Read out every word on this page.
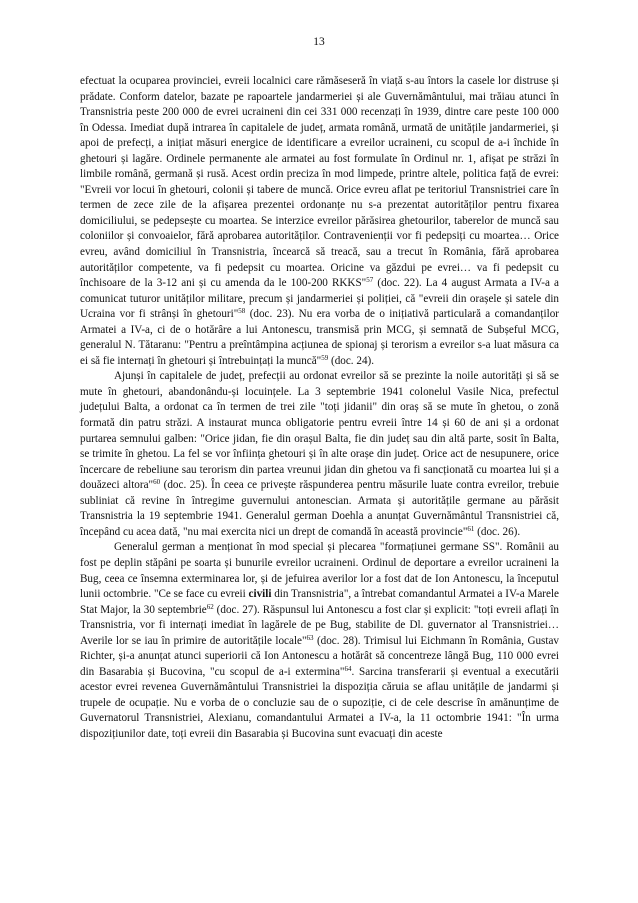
13

efectuat la ocuparea provinciei, evreii localnici care rămăseseră în viață s-au întors la casele lor distruse și prădate. Conform datelor, bazate pe rapoartele jandarmeriei și ale Guvernământului, mai trăiau atunci în Transnistria peste 200 000 de evrei ucraineni din cei 331 000 recenzați în 1939, dintre care peste 100 000 în Odessa. Imediat după intrarea în capitalele de județ, armata română, urmată de unitățile jandarmeriei, și apoi de prefecți, a inițiat măsuri energice de identificare a evreilor ucraineni, cu scopul de a-i închide în ghetouri și lagăre. Ordinele permanente ale armatei au fost formulate în Ordinul nr. 1, afișat pe străzi în limbile română, germană și rusă. Acest ordin preciza în mod limpede, printre altele, politica față de evrei: "Evreii vor locui în ghetouri, colonii și tabere de muncă. Orice evreu aflat pe teritoriul Transnistriei care în termen de zece zile de la afișarea prezentei ordonanțe nu s-a prezentat autorităților pentru fixarea domiciliului, se pedepsește cu moartea. Se interzice evreilor părăsirea ghetourilor, taberelor de muncă sau coloniilor și convoaielor, fără aprobarea autorităților. Contravenienții vor fi pedepsiți cu moartea… Orice evreu, având domiciliul în Transnistria, încearcă să treacă, sau a trecut în România, fără aprobarea autorităților competente, va fi pedepsit cu moartea. Oricine va găzdui pe evrei… va fi pedepsit cu închisoare de la 3-12 ani și cu amenda da le 100-200 RKKS"$^{57}$ (doc. 22). La 4 august Armata a IV-a a comunicat tuturor unităților militare, precum și jandarmeriei și poliției, că "evreii din orașele și satele din Ucraina vor fi strânși în ghetouri"$^{58}$ (doc. 23). Nu era vorba de o inițiativă particulară a comandanților Armatei a IV-a, ci de o hotărâre a lui Antonescu, transmisă prin MCG, și semnată de Subșeful MCG, generalul N. Tătaranu: "Pentru a preîntâmpina acțiunea de spionaj și terorism a evreilor s-a luat măsura ca ei să fie internați în ghetouri și întrebuințați la muncă"$^{59}$ (doc. 24).

Ajunși în capitalele de județ, prefecții au ordonat evreilor să se prezinte la noile autorități și să se mute în ghetouri, abandonându-și locuințele. La 3 septembrie 1941 colonelul Vasile Nica, prefectul județului Balta, a ordonat ca în termen de trei zile "toți jidanii" din oraș să se mute în ghetou, o zonă formată din patru străzi. A instaurat munca obligatorie pentru evreii între 14 și 60 de ani și a ordonat purtarea semnului galben: "Orice jidan, fie din orașul Balta, fie din județ sau din altă parte, sosit în Balta, se trimite în ghetou. La fel se vor înființa ghetouri și în alte orașe din județ. Orice act de nesupunere, orice încercare de rebeliune sau terorism din partea vreunui jidan din ghetou va fi sancționată cu moartea lui și a douăzeci altora"$^{60}$ (doc. 25). În ceea ce privește răspunderea pentru măsurile luate contra evreilor, trebuie subliniat că revine în întregime guvernului antonescian. Armata și autoritățile germane au părăsit Transnistria la 19 septembrie 1941. Generalul german Doehla a anunțat Guvernământul Transnistriei că, începând cu acea dată, "nu mai exercita nici un drept de comandă în această provincie"$^{61}$ (doc. 26).

Generalul german a menționat în mod special și plecarea "formațiunei germane SS". Românii au fost pe deplin stăpâni pe soarta și bunurile evreilor ucraineni. Ordinul de deportare a evreilor ucraineni la Bug, ceea ce însemna exterminarea lor, și de jefuirea averilor lor a fost dat de Ion Antonescu, la începutul lunii octombrie. "Ce se face cu evreii civili din Transnistria", a întrebat comandantul Armatei a IV-a Marele Stat Major, la 30 septembrie$^{62}$ (doc. 27). Răspunsul lui Antonescu a fost clar și explicit: "toți evreii aflați în Transnistria, vor fi internați imediat în lagărele de pe Bug, stabilite de Dl. guvernator al Transnistriei… Averile lor se iau în primire de autoritățile locale"$^{63}$ (doc. 28). Trimisul lui Eichmann în România, Gustav Richter, și-a anunțat atunci superiorii că Ion Antonescu a hotărât să concentreze lângă Bug, 110 000 evrei din Basarabia și Bucovina, "cu scopul de a-i extermina"$^{64}$. Sarcina transferarii și eventual a executării acestor evrei revenea Guvernământului Transnistriei la dispoziția căruia se aflau unitățile de jandarmi și trupele de ocupație. Nu e vorba de o concluzie sau de o supoziție, ci de cele descrise în amănunțime de Guvernatorul Transnistriei, Alexianu, comandantului Armatei a IV-a, la 11 octombrie 1941: "În urma dispozițiunilor date, toți evreii din Basarabia și Bucovina sunt evacuați din aceste
